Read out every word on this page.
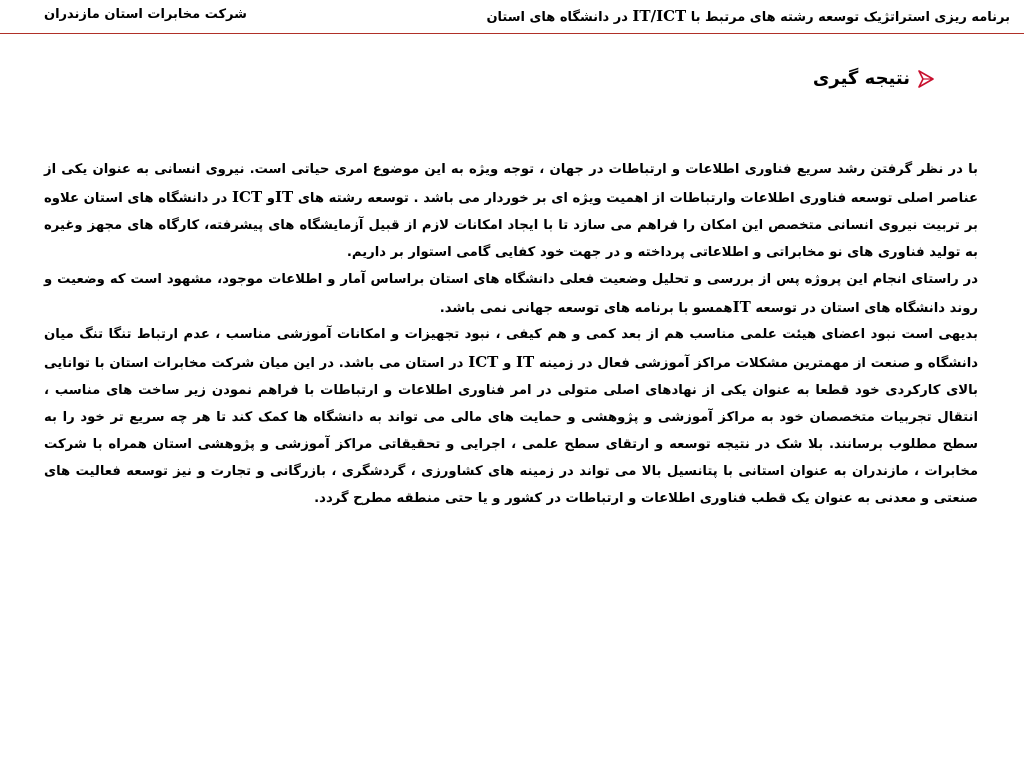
برنامه ریزی استراتژیک توسعه رشته های مرتبط با IT/ICT در دانشگاه های استان
شرکت مخابرات استان مازندران
نتیجه گیری

با در نظر گرفتن رشد سریع فناوری اطلاعات و ارتباطات در جهان ، توجه ویژه به این موضوع امری حیاتی است. نیروی انسانی به عنوان یکی از عناصر اصلی توسعه فناوری اطلاعات وارتباطات از اهمیت ویژه ای بر خوردار می باشد . توسعه رشته های ITو ICT در دانشگاه های استان علاوه بر تربیت نیروی انسانی متخصص این امکان را فراهم می سازد تا با ایجاد امکانات لازم از قبیل آزمایشگاه های پیشرفته، کارگاه های مجهز وغیره به تولید فناوری های نو مخابراتی و اطلاعاتی پرداخته و در جهت خود کفایی گامی استوار بر داریم.

در راستای انجام این پروژه پس از بررسی و تحلیل وضعیت فعلی دانشگاه های استان براساس آمار و اطلاعات موجود، مشهود است که وضعیت و روند دانشگاه های استان در توسعه ITهمسو با برنامه های توسعه جهانی نمی باشد.

بدیهی است نبود اعضای هیئت علمی مناسب هم از بعد کمی و هم کیفی ، نبود تجهیزات و امکانات آموزشی مناسب ، عدم ارتباط تنگا تنگ میان دانشگاه و صنعت از مهمترین مشکلات مراکز آموزشی فعال در زمینه IT و ICT در استان می باشد. در این میان شرکت مخابرات استان با توانایی بالای کارکردی خود قطعا به عنوان یکی از نهادهای اصلی متولی در امر فناوری اطلاعات و ارتباطات با فراهم نمودن زیر ساخت های مناسب ، انتقال تجربیات متخصصان خود به مراکز آموزشی و پژوهشی و حمایت های مالی می تواند به دانشگاه ها کمک کند تا هر چه سریع تر خود را به سطح مطلوب برسانند. بلا شک در نتیجه توسعه و ارتقای سطح علمی ، اجرایی و تحقیقاتی مراکز آموزشی و پژوهشی استان همراه با شرکت مخابرات ، مازندران به عنوان استانی با پتانسیل بالا می تواند در زمینه های کشاورزی ، گردشگری ، بازرگانی و تجارت و نیز توسعه فعالیت های صنعتی و معدنی به عنوان یک قطب فناوری اطلاعات و ارتباطات در کشور و یا حتی منطقه مطرح گردد.
